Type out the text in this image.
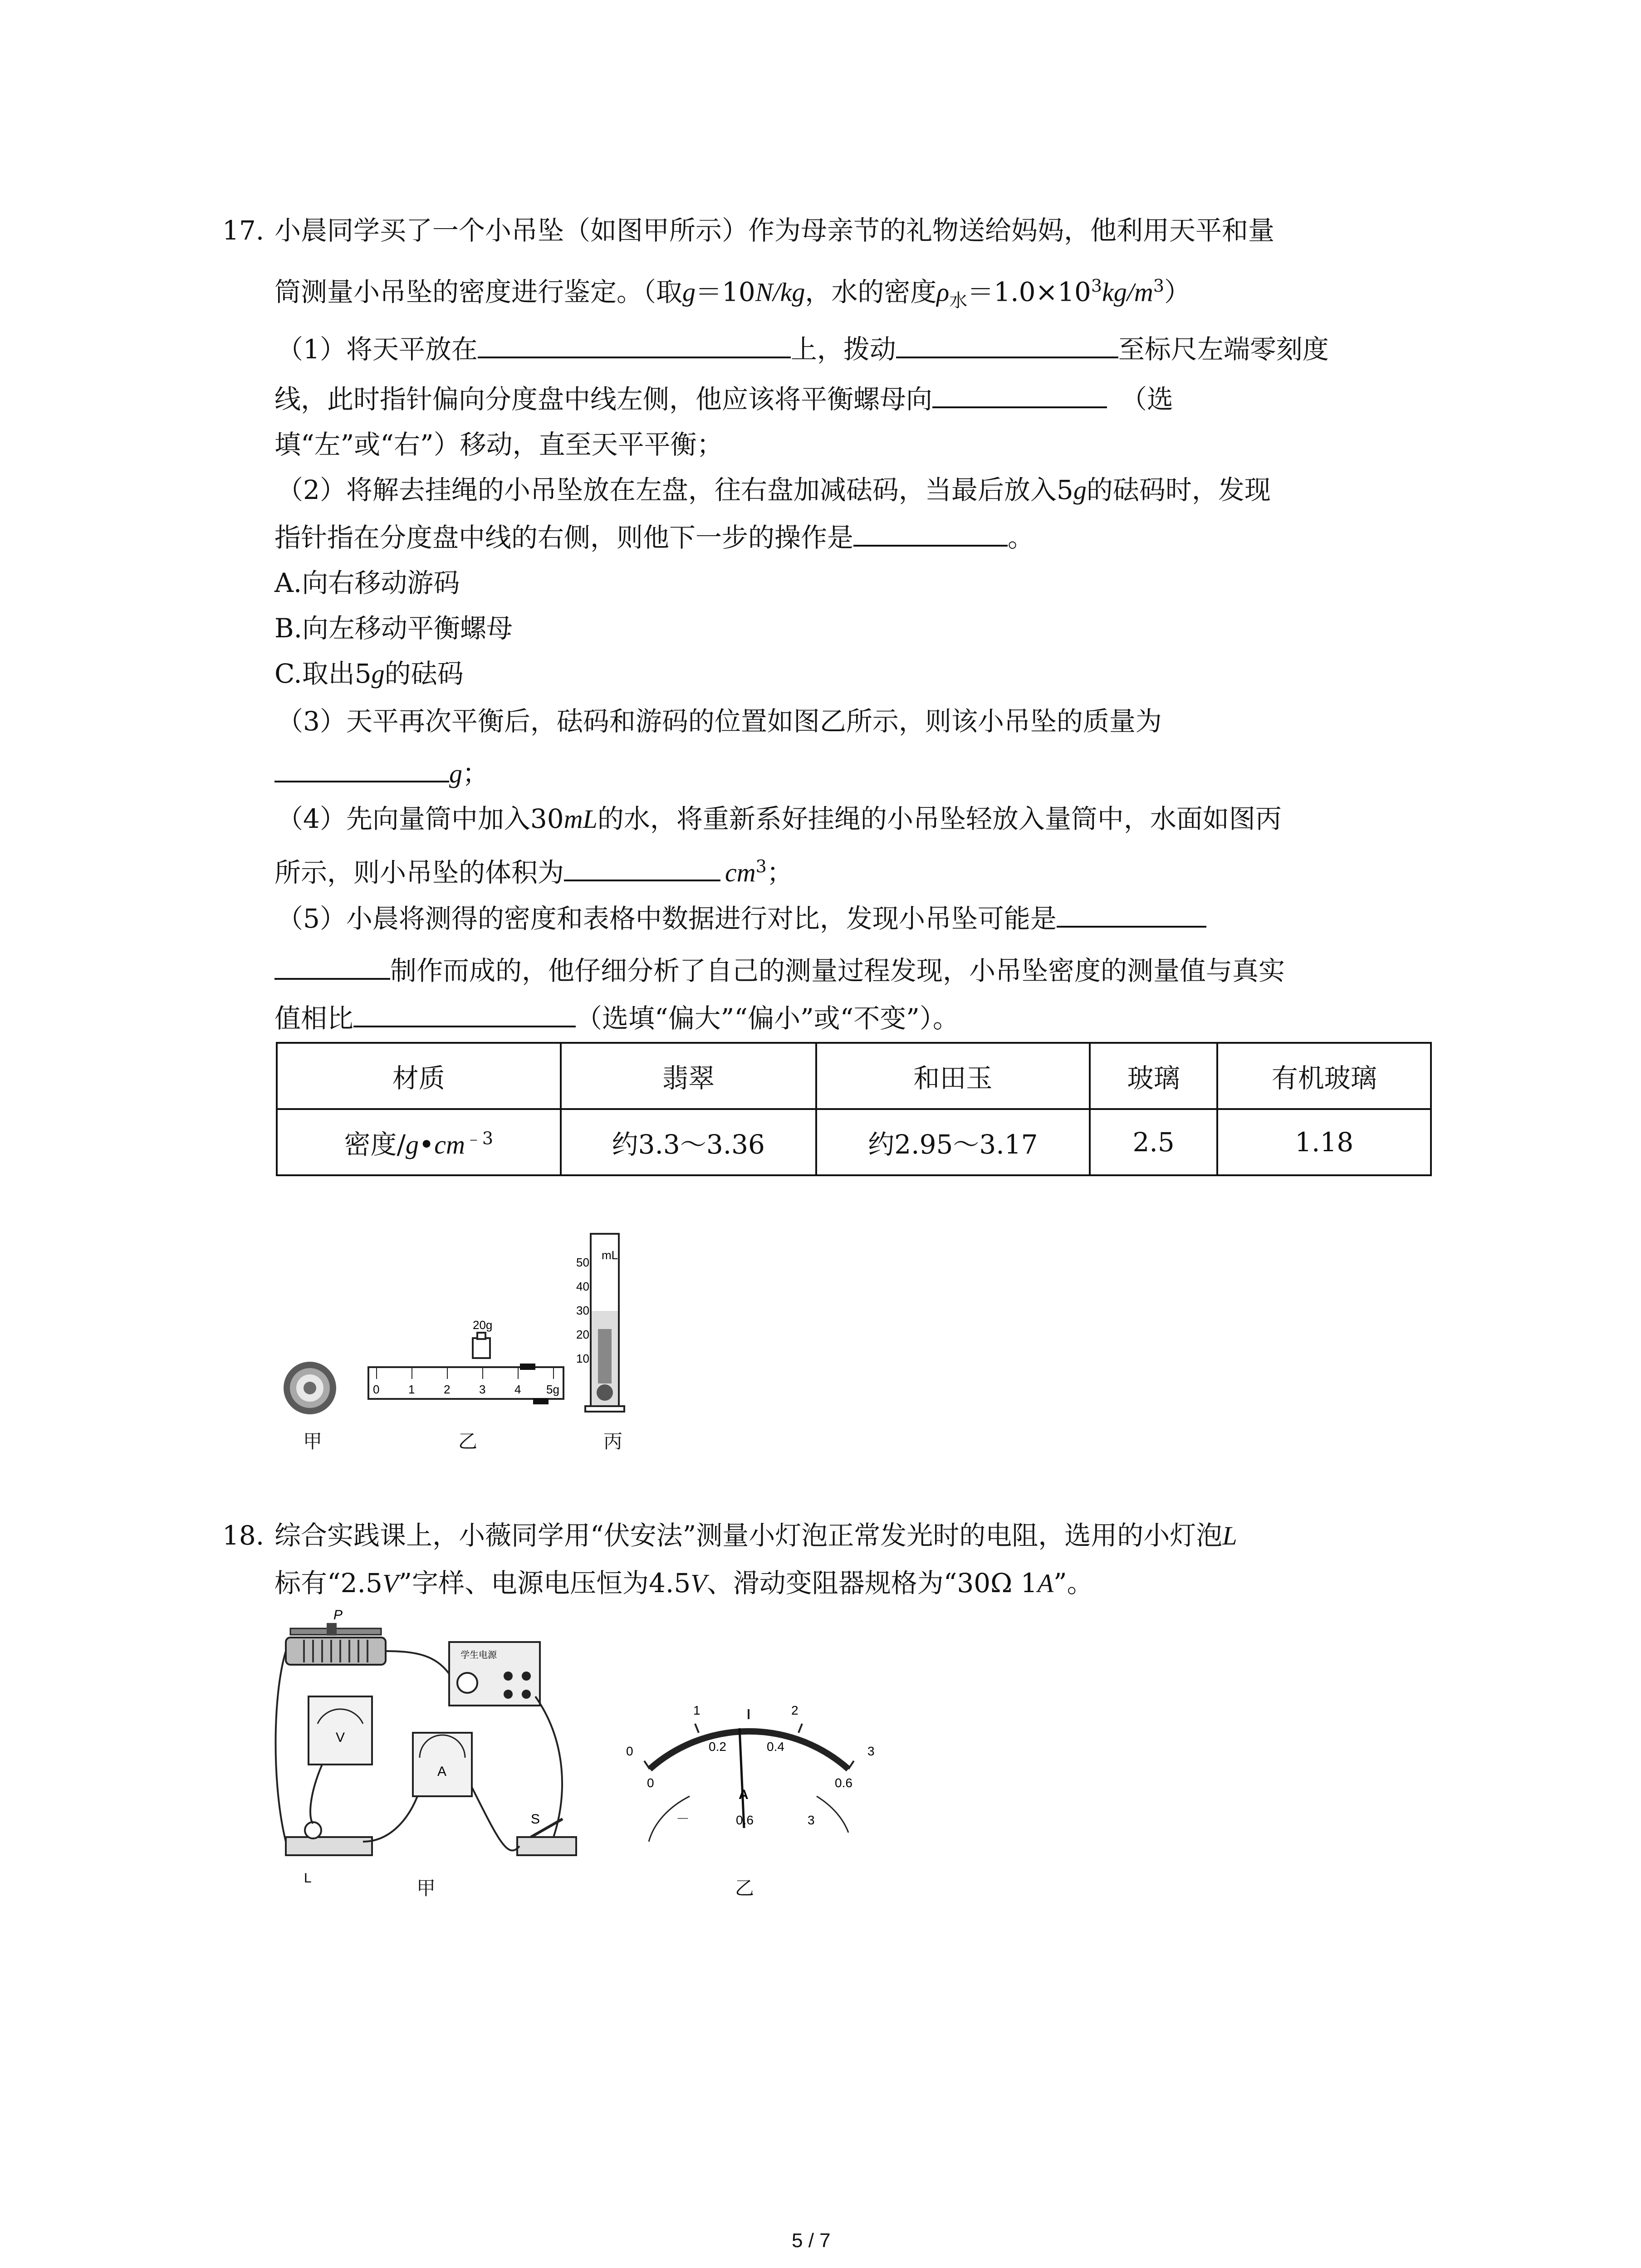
17. 小晨同学买了一个小吊坠（如图甲所示）作为母亲节的礼物送给妈妈，他利用天平和量
筒测量小吊坠的密度进行鉴定。（取g＝10N/kg，水的密度$\rho_水=1.0\times 10^3kg/m^3$）
（1）将天平放在	上，拨动	至标尺左端零刻度
线，此时指针偏向分度盘中线左侧，他应该将平衡螺母向	（选
填“左”或“右”）移动，直至天平平衡；
（2）将解去挂绳的小吊坠放在左盘，往右盘加减砝码，当最后放入5g的砝码时，发现
指针指在分度盘中线的右侧，则他下一步的操作是	。
A.向右移动游码
B.向左移动平衡螺母
C.取出5g的砝码
（3）天平再次平衡后，砝码和游码的位置如图乙所示，则该小吊坠的质量为
g；
（4）先向量筒中加入30mL的水，将重新系好挂绳的小吊坠轻放入量筒中，水面如图丙
所示，则小吊坠的体积为	$cm^3$；
（5）小晨将测得的密度和表格中数据进行对比，发现小吊坠可能是
制作而成的，他仔细分析了自己的测量过程发现，小吊坠密度的测量值与真实
值相比	（选填“偏大”“偏小”或“不变”）。
材质	翡翠	和田玉	玻璃	有机玻璃
密度$/g•cm^{﹣3}$	约3.3～3.36	约2.95～3.17	2.5	1.18
20g
0 1 2 3 4 5g
mL
50
40
30
20
10
甲	乙	丙
18. 综合实践课上，小薇同学用“伏安法”测量小灯泡正常发光时的电阻，选用的小灯泡L
标有“2.5V”字样、电源电压恒为4.5V、滑动变阻器规格为“30Ω 1A”。
P
学生电源
V
A
S
L	甲
0
1	2
3
0
0.2	0.4
0.6
A
－	0.6	3
乙
5 / 7
